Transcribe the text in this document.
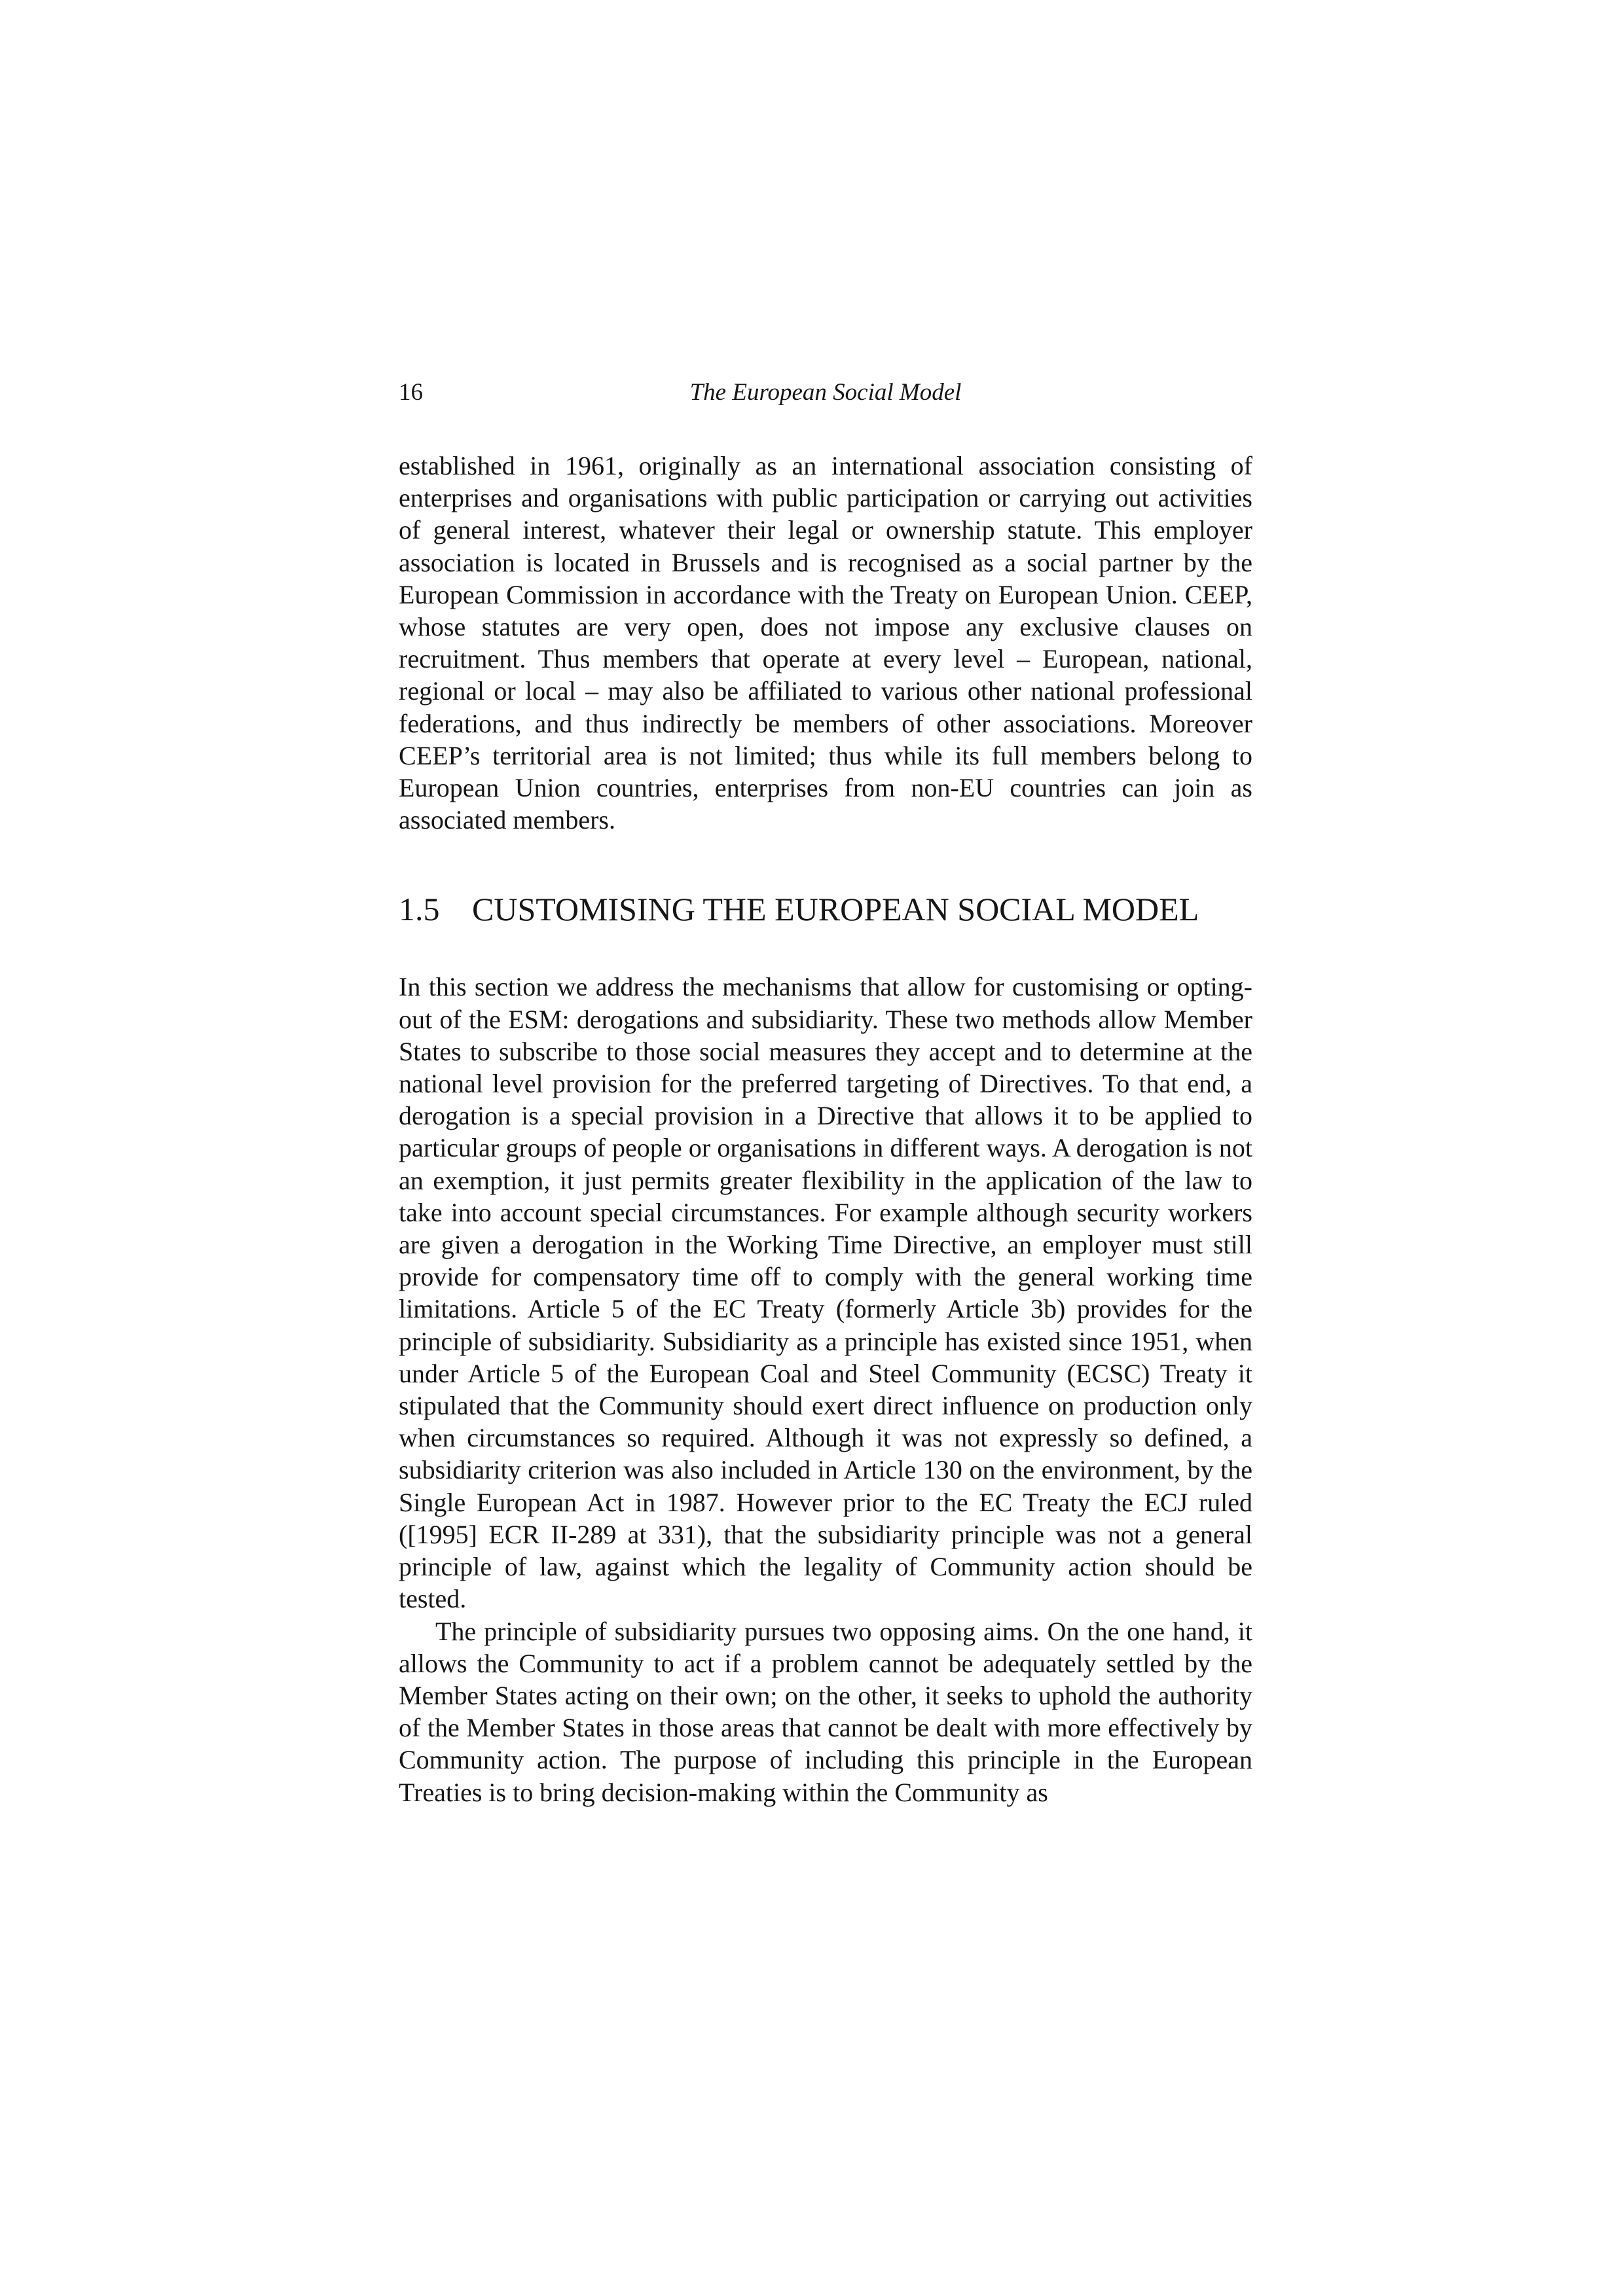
16	The European Social Model

established in 1961, originally as an international association consisting of enterprises and organisations with public participation or carrying out activities of general interest, whatever their legal or ownership statute. This employer association is located in Brussels and is recognised as a social partner by the European Commission in accordance with the Treaty on European Union. CEEP, whose statutes are very open, does not impose any exclusive clauses on recruitment. Thus members that operate at every level – European, national, regional or local – may also be affiliated to various other national professional federations, and thus indirectly be members of other associations. Moreover CEEP’s territorial area is not limited; thus while its full members belong to European Union countries, enterprises from non-EU countries can join as associated members.

1.5 CUSTOMISING THE EUROPEAN SOCIAL MODEL

In this section we address the mechanisms that allow for customising or opting-out of the ESM: derogations and subsidiarity. These two methods allow Member States to subscribe to those social measures they accept and to determine at the national level provision for the preferred targeting of Directives. To that end, a derogation is a special provision in a Directive that allows it to be applied to particular groups of people or organisations in different ways. A derogation is not an exemption, it just permits greater flexibility in the application of the law to take into account special circumstances. For example although security workers are given a derogation in the Working Time Directive, an employer must still provide for compensatory time off to comply with the general working time limitations. Article 5 of the EC Treaty (formerly Article 3b) provides for the principle of subsidiarity. Subsidiarity as a principle has existed since 1951, when under Article 5 of the European Coal and Steel Community (ECSC) Treaty it stipulated that the Community should exert direct influence on production only when circumstances so required. Although it was not expressly so defined, a subsidiarity criterion was also included in Article 130 on the environment, by the Single European Act in 1987. However prior to the EC Treaty the ECJ ruled ([1995] ECR II-289 at 331), that the subsidiarity principle was not a general principle of law, against which the legality of Community action should be tested.

The principle of subsidiarity pursues two opposing aims. On the one hand, it allows the Community to act if a problem cannot be adequately settled by the Member States acting on their own; on the other, it seeks to uphold the authority of the Member States in those areas that cannot be dealt with more effectively by Community action. The purpose of including this principle in the European Treaties is to bring decision-making within the Community as
